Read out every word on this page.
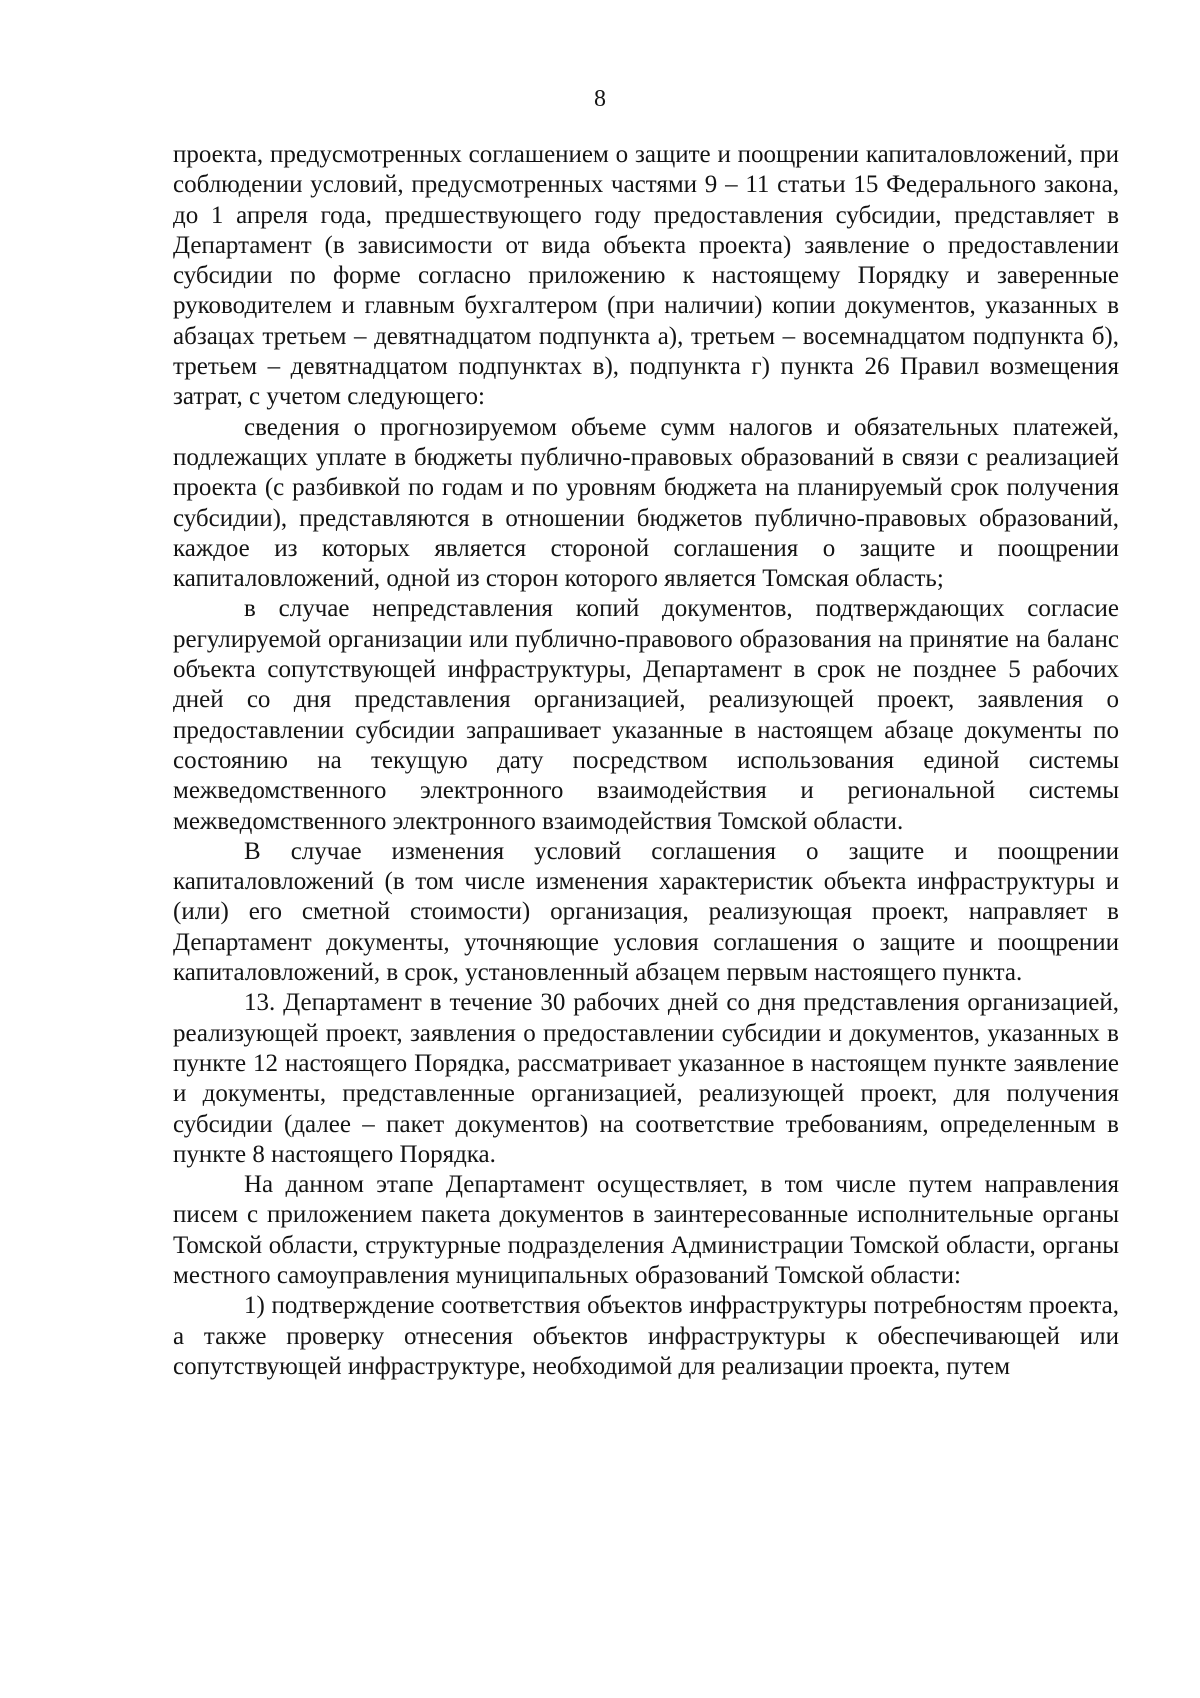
8

проекта, предусмотренных соглашением о защите и поощрении капиталовложений, при соблюдении условий, предусмотренных частями 9 – 11 статьи 15 Федерального закона, до 1 апреля года, предшествующего году предоставления субсидии, представляет в Департамент (в зависимости от вида объекта проекта) заявление о предоставлении субсидии по форме согласно приложению к настоящему Порядку и заверенные руководителем и главным бухгалтером (при наличии) копии документов, указанных в абзацах третьем – девятнадцатом подпункта а), третьем – восемнадцатом подпункта б), третьем – девятнадцатом подпунктах в), подпункта г) пункта 26 Правил возмещения затрат, с учетом следующего:

сведения о прогнозируемом объеме сумм налогов и обязательных платежей, подлежащих уплате в бюджеты публично-правовых образований в связи с реализацией проекта (с разбивкой по годам и по уровням бюджета на планируемый срок получения субсидии), представляются в отношении бюджетов публично-правовых образований, каждое из которых является стороной соглашения о защите и поощрении капиталовложений, одной из сторон которого является Томская область;

в случае непредставления копий документов, подтверждающих согласие регулируемой организации или публично-правового образования на принятие на баланс объекта сопутствующей инфраструктуры, Департамент в срок не позднее 5 рабочих дней со дня представления организацией, реализующей проект, заявления о предоставлении субсидии запрашивает указанные в настоящем абзаце документы по состоянию на текущую дату посредством использования единой системы межведомственного электронного взаимодействия и региональной системы межведомственного электронного взаимодействия Томской области.

В случае изменения условий соглашения о защите и поощрении капиталовложений (в том числе изменения характеристик объекта инфраструктуры и (или) его сметной стоимости) организация, реализующая проект, направляет в Департамент документы, уточняющие условия соглашения о защите и поощрении капиталовложений, в срок, установленный абзацем первым настоящего пункта.

13. Департамент в течение 30 рабочих дней со дня представления организацией, реализующей проект, заявления о предоставлении субсидии и документов, указанных в пункте 12 настоящего Порядка, рассматривает указанное в настоящем пункте заявление и документы, представленные организацией, реализующей проект, для получения субсидии (далее – пакет документов) на соответствие требованиям, определенным в пункте 8 настоящего Порядка.

На данном этапе Департамент осуществляет, в том числе путем направления писем с приложением пакета документов в заинтересованные исполнительные органы Томской области, структурные подразделения Администрации Томской области, органы местного самоуправления муниципальных образований Томской области:

1) подтверждение соответствия объектов инфраструктуры потребностям проекта, а также проверку отнесения объектов инфраструктуры к обеспечивающей или сопутствующей инфраструктуре, необходимой для реализации проекта, путем
